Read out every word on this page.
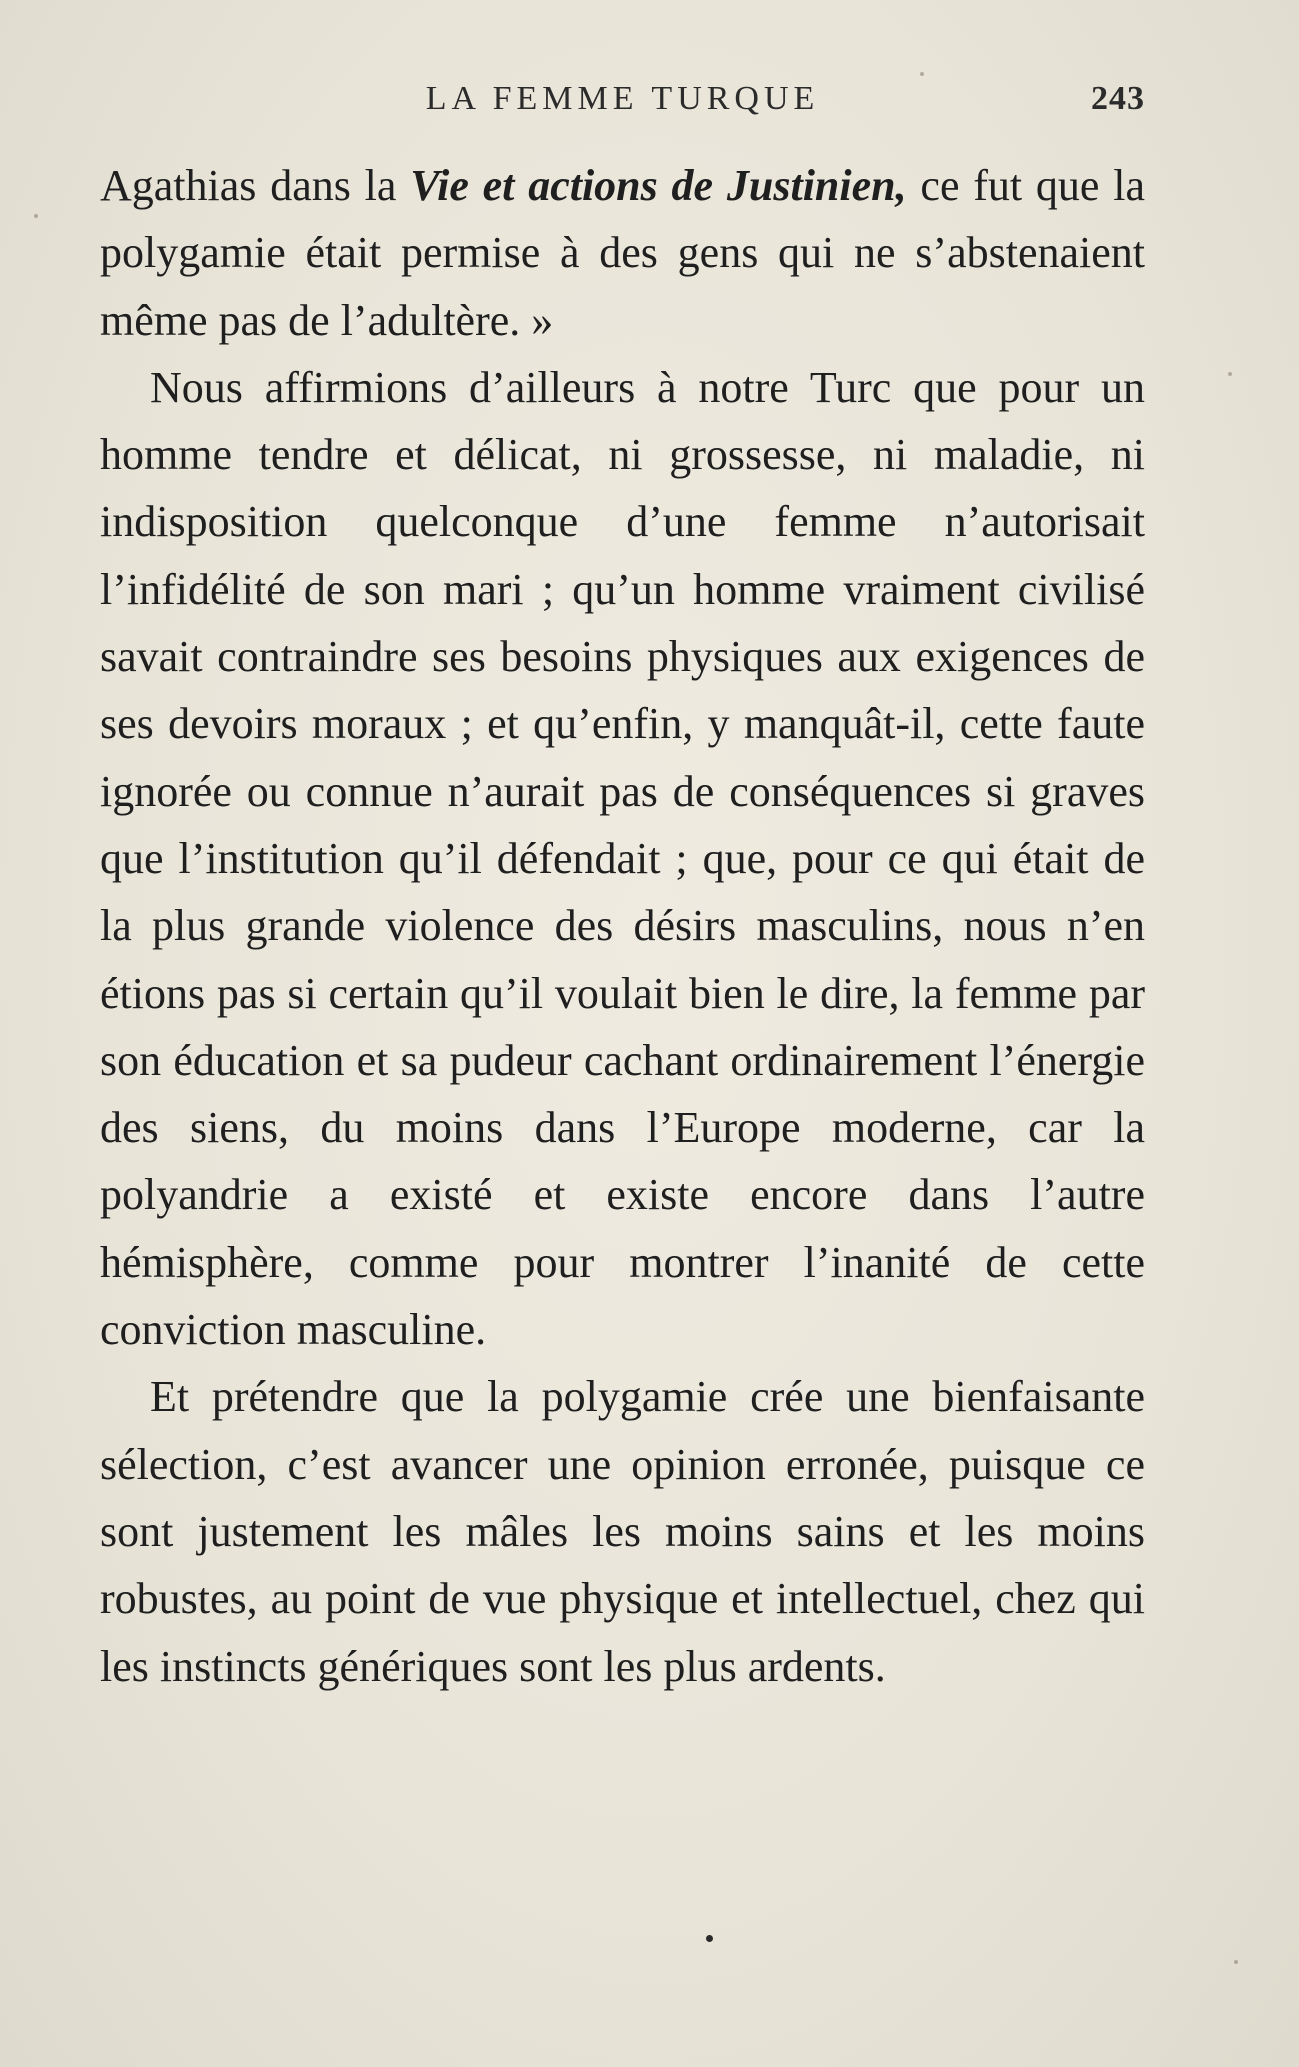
LA FEMME TURQUE	243

Agathias dans la Vie et actions de Justinien, ce fut que la polygamie était permise à des gens qui ne s’abstenaient même pas de l’adultère. »

Nous affirmions d’ailleurs à notre Turc que pour un homme tendre et délicat, ni grossesse, ni maladie, ni indisposition quelconque d’une femme n’autorisait l’infidélité de son mari ; qu’un homme vraiment civilisé savait contraindre ses besoins physiques aux exigences de ses devoirs moraux ; et qu’enfin, y manquât-il, cette faute ignorée ou connue n’aurait pas de conséquences si graves que l’institution qu’il défendait ; que, pour ce qui était de la plus grande violence des désirs masculins, nous n’en étions pas si certain qu’il voulait bien le dire, la femme par son éducation et sa pudeur cachant ordinairement l’énergie des siens, du moins dans l’Europe moderne, car la polyandrie a existé et existe encore dans l’autre hémisphère, comme pour montrer l’inanité de cette conviction masculine.

Et prétendre que la polygamie crée une bienfaisante sélection, c’est avancer une opinion erronée, puisque ce sont justement les mâles les moins sains et les moins robustes, au point de vue physique et intellectuel, chez qui les instincts génériques sont les plus ardents.
